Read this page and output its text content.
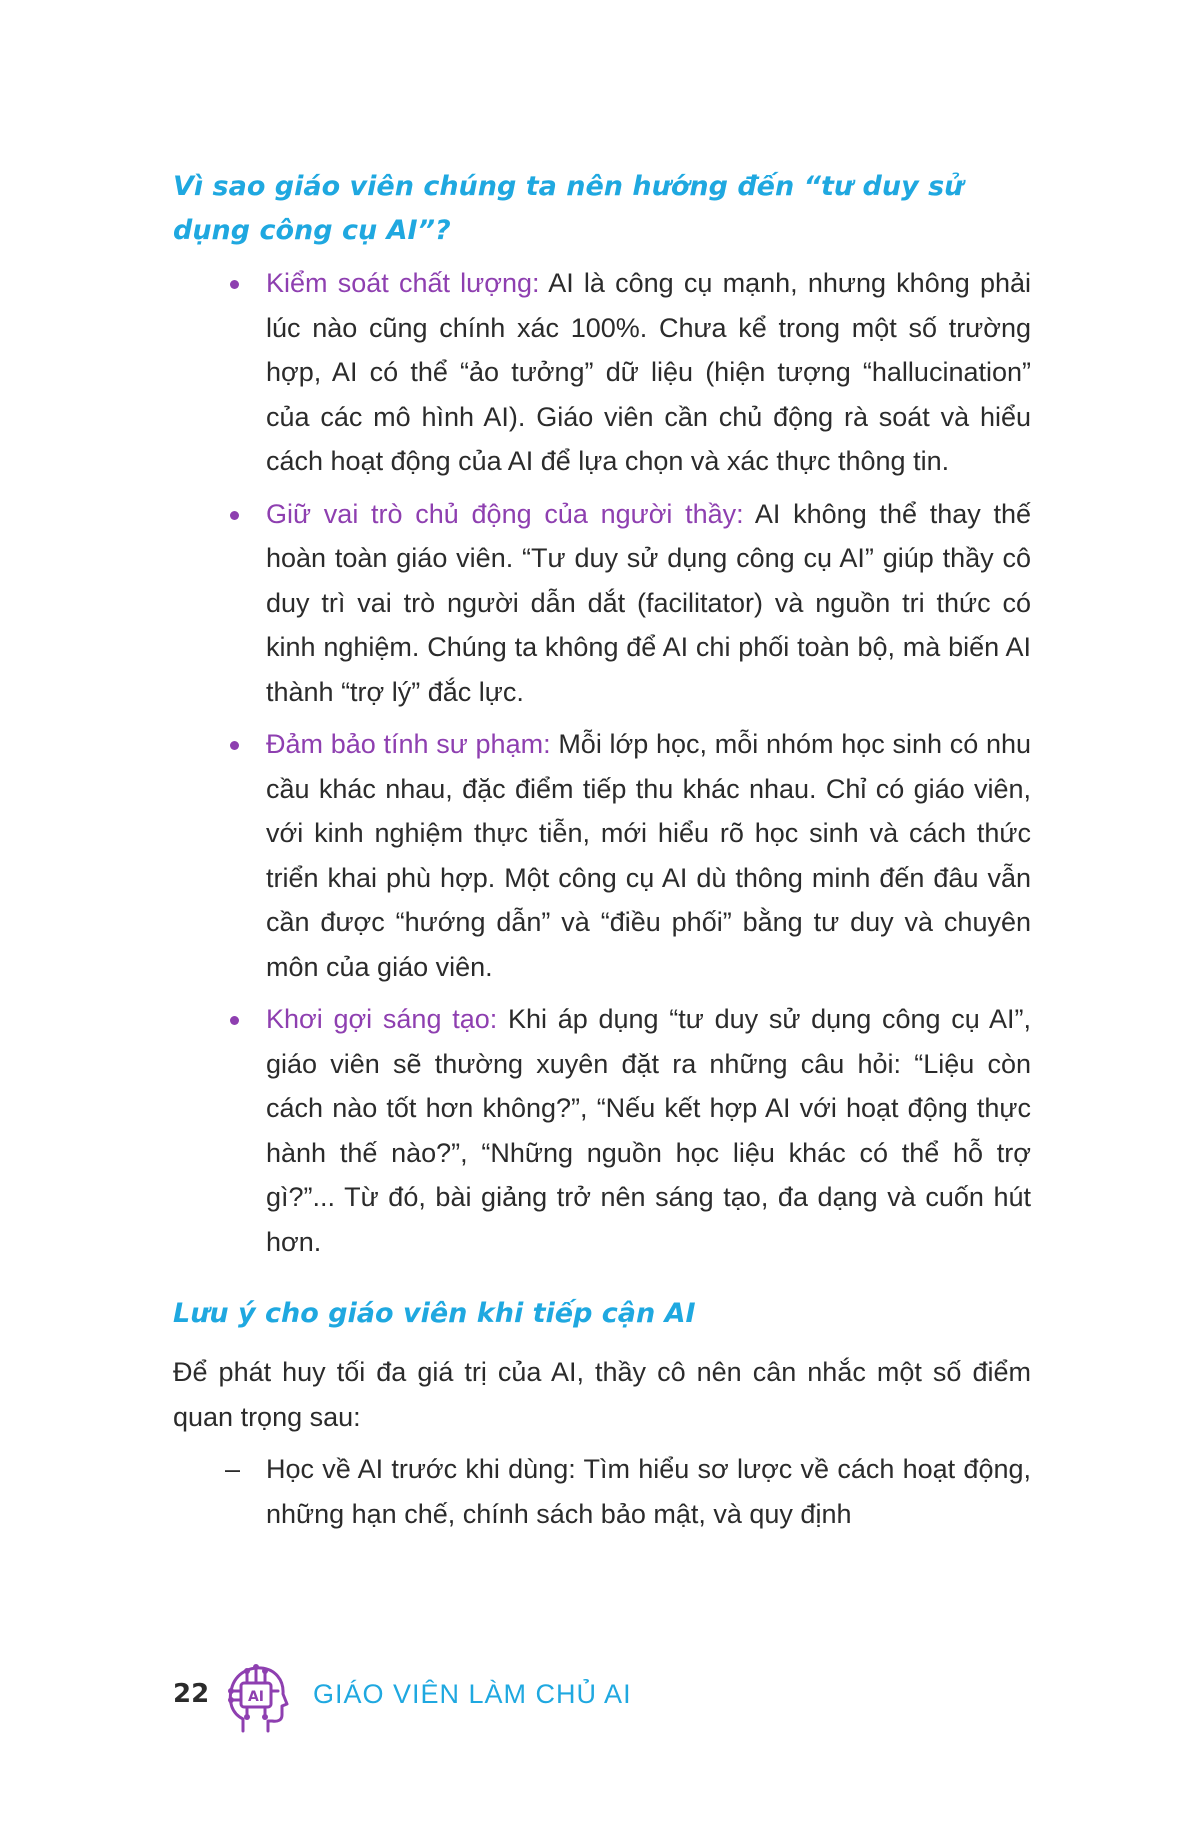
Vì sao giáo viên chúng ta nên hướng đến “tư duy sử dụng công cụ AI”?
Kiểm soát chất lượng: AI là công cụ mạnh, nhưng không phải lúc nào cũng chính xác 100%. Chưa kể trong một số trường hợp, AI có thể “ảo tưởng” dữ liệu (hiện tượng “hallucination” của các mô hình AI). Giáo viên cần chủ động rà soát và hiểu cách hoạt động của AI để lựa chọn và xác thực thông tin.
Giữ vai trò chủ động của người thầy: AI không thể thay thế hoàn toàn giáo viên. “Tư duy sử dụng công cụ AI” giúp thầy cô duy trì vai trò người dẫn dắt (facilitator) và nguồn tri thức có kinh nghiệm. Chúng ta không để AI chi phối toàn bộ, mà biến AI thành “trợ lý” đắc lực.
Đảm bảo tính sư phạm: Mỗi lớp học, mỗi nhóm học sinh có nhu cầu khác nhau, đặc điểm tiếp thu khác nhau. Chỉ có giáo viên, với kinh nghiệm thực tiễn, mới hiểu rõ học sinh và cách thức triển khai phù hợp. Một công cụ AI dù thông minh đến đâu vẫn cần được “hướng dẫn” và “điều phối” bằng tư duy và chuyên môn của giáo viên.
Khơi gợi sáng tạo: Khi áp dụng “tư duy sử dụng công cụ AI”, giáo viên sẽ thường xuyên đặt ra những câu hỏi: “Liệu còn cách nào tốt hơn không?”, “Nếu kết hợp AI với hoạt động thực hành thế nào?”, “Những nguồn học liệu khác có thể hỗ trợ gì?”... Từ đó, bài giảng trở nên sáng tạo, đa dạng và cuốn hút hơn.
Lưu ý cho giáo viên khi tiếp cận AI

Để phát huy tối đa giá trị của AI, thầy cô nên cân nhắc một số điểm quan trọng sau:

– Học về AI trước khi dùng: Tìm hiểu sơ lược về cách hoạt động, những hạn chế, chính sách bảo mật, và quy định
22	AI GIÁO VIÊN LÀM CHỦ AI
